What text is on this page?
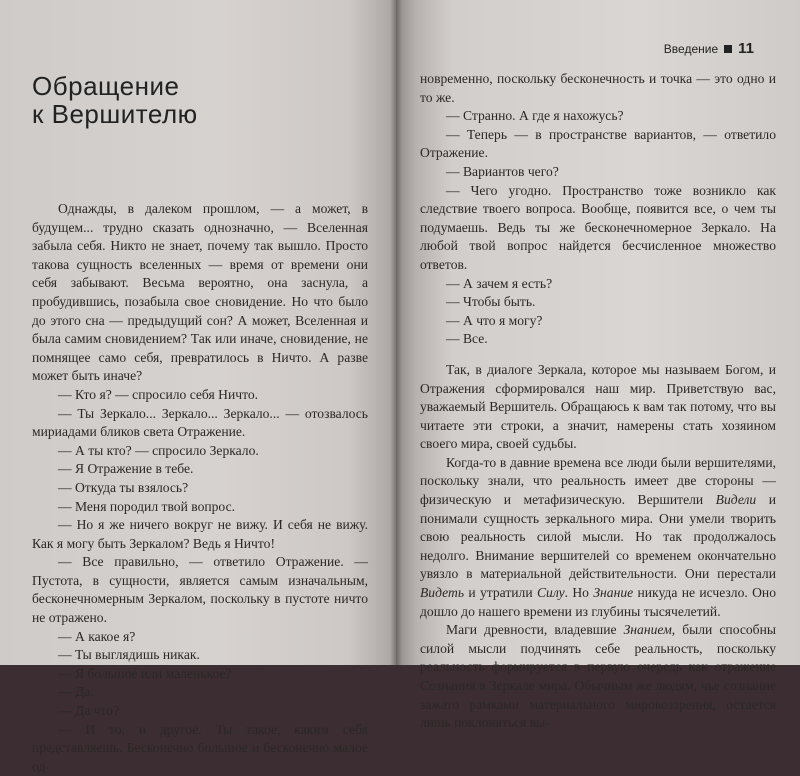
Обращение
к Вершителю

Однажды, в далеком прошлом, — а может, в будущем... трудно сказать однозначно, — Вселенная забыла себя. Никто не знает, почему так вышло. Просто такова сущность вселенных — время от времени они себя забывают. Весьма вероятно, она заснула, а пробудившись, позабыла свое сновидение. Но что было до этого сна — предыдущий сон? А может, Вселенная и была самим сновидением? Так или иначе, сновидение, не помнящее само себя, превратилось в Ничто. А разве может быть иначе?

— Кто я? — спросило себя Ничто.

— Ты Зеркало... Зеркало... Зеркало... — отозвалось мириадами бликов света Отражение.

— А ты кто? — спросило Зеркало.

— Я Отражение в тебе.

— Откуда ты взялось?

— Меня породил твой вопрос.

— Но я же ничего вокруг не вижу. И себя не вижу. Как я могу быть Зеркалом? Ведь я Ничто!

— Все правильно, — ответило Отражение. — Пустота, в сущности, является самым изначальным, бесконечномерным Зеркалом, поскольку в пустоте ничто не отражено.

— А какое я?

— Ты выглядишь никак.

— Я большое или маленькое?

— Да.

— Да что?

— И то, и другое. Ты такое, каким себя представляешь. Бесконечно большое и бесконечно малое од-

Введение 11

новременно, поскольку бесконечность и точка — это одно и то же.

— Странно. А где я нахожусь?

— Теперь — в пространстве вариантов, — ответило Отражение.

— Вариантов чего?

— Чего угодно. Пространство тоже возникло как следствие твоего вопроса. Вообще, появится все, о чем ты подумаешь. Ведь ты же бесконечномерное Зеркало. На любой твой вопрос найдется бесчисленное множество ответов.

— А зачем я есть?

— Чтобы быть.

— А что я могу?

— Все.

Так, в диалоге Зеркала, которое мы называем Богом, и Отражения сформировался наш мир. Приветствую вас, уважаемый Вершитель. Обращаюсь к вам так потому, что вы читаете эти строки, а значит, намерены стать хозяином своего мира, своей судьбы.

Когда-то в давние времена все люди были вершителями, поскольку знали, что реальность имеет две стороны — физическую и метафизическую. Вершители Видели и понимали сущность зеркального мира. Они умели творить свою реальность силой мысли. Но так продолжалось недолго. Внимание вершителей со временем окончательно увязло в материальной действительности. Они перестали Видеть и утратили Силу. Но Знание никуда не исчезло. Оно дошло до нашего времени из глубины тысячелетий.

Маги древности, владевшие Знанием, были способны силой мысли подчинять себе реальность, поскольку реальность формируется в первую очередь как отражение Сознания в Зеркале мира. Обычным же людям, чье сознание зажато рамками материального мировоззрения, остается лишь поклоняться вы-
